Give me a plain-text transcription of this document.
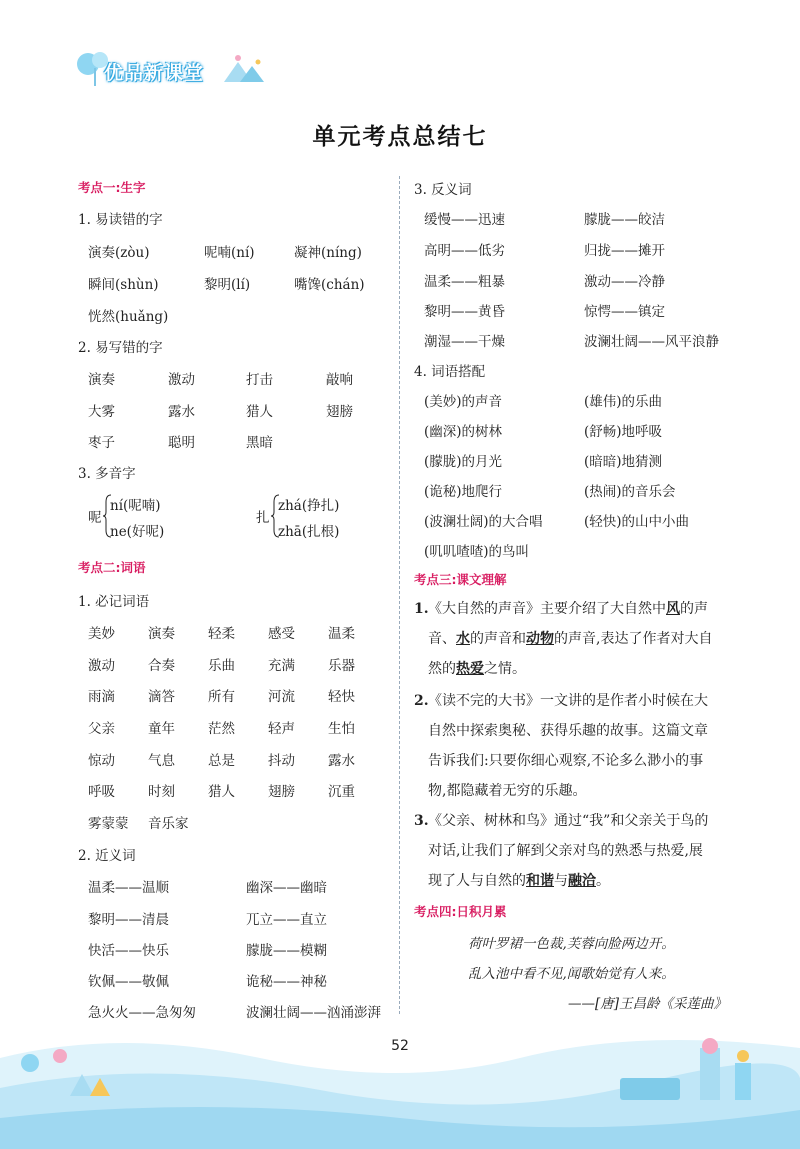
优品新课堂
单元考点总结七
考点一:生字
1. 易读错的字
演奏(zòu)	呢喃(ní)	凝神(níng)
瞬间(shùn)	黎明(lí)	嘴馋(chán)
恍然(huǎng)
2. 易写错的字
演奏	激动	打击	敲响
大雾	露水	猎人	翅膀
枣子	聪明	黑暗
3. 多音字
呢
ní(呢喃)
ne(好呢)
扎
zhá(挣扎)
zhā(扎根)
考点二:词语
1. 必记词语
美妙 演奏 轻柔 感受 温柔
激动 合奏 乐曲 充满 乐器
雨滴 滴答 所有 河流 轻快
父亲 童年 茫然 轻声 生怕
惊动 气息 总是 抖动 露水
呼吸 时刻 猎人 翅膀 沉重
雾蒙蒙 音乐家
2. 近义词
温柔——温顺	幽深——幽暗
黎明——清晨	兀立——直立
快活——快乐	朦胧——模糊
钦佩——敬佩	诡秘——神秘
急火火——急匆匆	波澜壮阔——汹涌澎湃
3. 反义词
缓慢——迅速	朦胧——皎洁
高明——低劣	归拢——摊开
温柔——粗暴	激动——冷静
黎明——黄昏	惊愕——镇定
潮湿——干燥	波澜壮阔——风平浪静
4. 词语搭配
(美妙)的声音	(雄伟)的乐曲
(幽深)的树林	(舒畅)地呼吸
(朦胧)的月光	(暗暗)地猜测
(诡秘)地爬行	(热闹)的音乐会
(波澜壮阔)的大合唱	(轻快)的山中小曲
(叽叽喳喳)的鸟叫
考点三:课文理解
1. 《大自然的声音》主要介绍了大自然中风的声音、水的声音和动物的声音,表达了作者对大自然的热爱之情。
2. 《读不完的大书》一文讲的是作者小时候在大自然中探索奥秘、获得乐趣的故事。这篇文章告诉我们:只要你细心观察,不论多么渺小的事物,都隐藏着无穷的乐趣。
3. 《父亲、树林和鸟》通过“我”和父亲关于鸟的对话,让我们了解到父亲对鸟的熟悉与热爱,展现了人与自然的和谐与融洽。
考点四:日积月累
荷叶罗裙一色裁,芙蓉向脸两边开。
乱入池中看不见,闻歌始觉有人来。
——[唐]王昌龄《采莲曲》
52
